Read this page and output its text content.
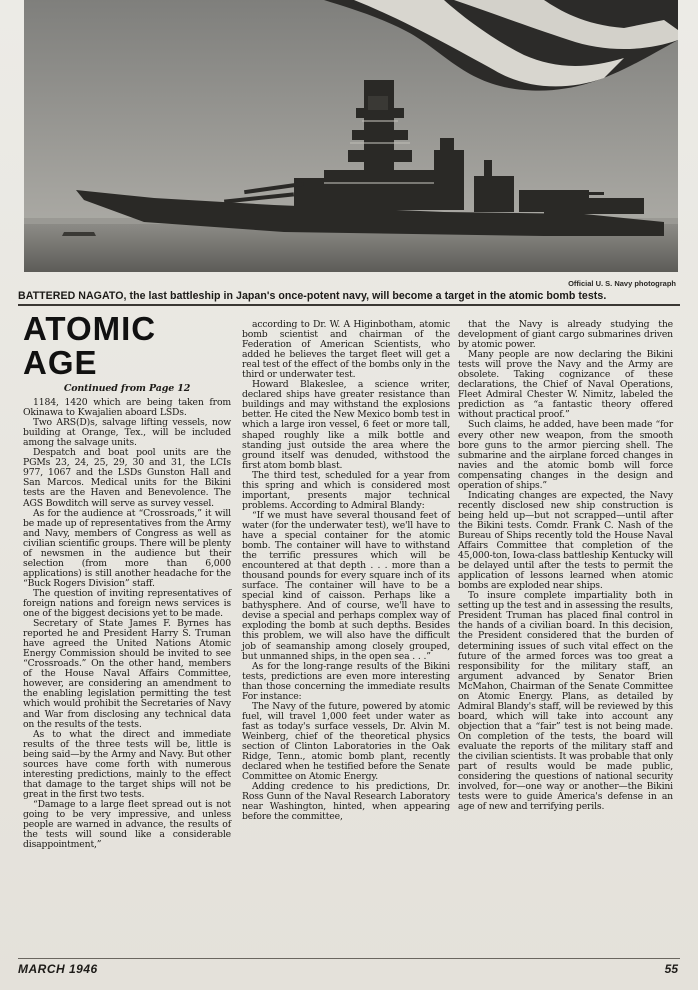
Official U. S. Navy photograph
BATTERED NAGATO, the last battleship in Japan's once-potent navy, will become a target in the atomic bomb tests.
ATOMIC AGE
Continued from Page 12

1184, 1420 which are being taken from Okinawa to Kwajalien aboard LSDs.

Two ARS(D)s, salvage lifting vessels, now building at Orange, Tex., will be included among the salvage units.

Despatch and boat pool units are the PGMs 23, 24, 25, 29, 30 and 31, the LCIs 977, 1067 and the LSDs Gunston Hall and San Marcos. Medical units for the Bikini tests are the Haven and Benevolence. The AGS Bowditch will serve as survey vessel.

As for the audience at “Crossroads,” it will be made up of representatives from the Army and Navy, members of Congress as well as civilian scientific groups. There will be plenty of newsmen in the audience but their selection (from more than 6,000 applications) is still another headache for the “Buck Rogers Division” staff.

The question of inviting representatives of foreign nations and foreign news services is one of the biggest decisions yet to be made.

Secretary of State James F. Byrnes has reported he and President Harry S. Truman have agreed the United Nations Atomic Energy Commission should be invited to see “Crossroads.” On the other hand, members of the House Naval Affairs Committee, however, are considering an amendment to the enabling legislation permitting the test which would prohibit the Secretaries of Navy and War from disclosing any technical data on the results of the tests.

As to what the direct and immediate results of the three tests will be, little is being said—by the Army and Navy. But other sources have come forth with numerous interesting predictions, mainly to the effect that damage to the target ships will not be great in the first two tests.

“Damage to a large fleet spread out is not going to be very impressive, and unless people are warned in advance, the results of the tests will sound like a considerable disappointment,”

according to Dr. W. A Higinbotham, atomic bomb scientist and chairman of the Federation of American Scientists, who added he believes the target fleet will get a real test of the effect of the bombs only in the third or underwater test.

Howard Blakeslee, a science writer, declared ships have greater resistance than buildings and may withstand the explosions better. He cited the New Mexico bomb test in which a large iron vessel, 6 feet or more tall, shaped roughly like a milk bottle and standing just outside the area where the ground itself was denuded, withstood the first atom bomb blast.

The third test, scheduled for a year from this spring and which is considered most important, presents major technical problems. According to Admiral Blandy:

“If we must have several thousand feet of water (for the underwater test), we'll have to have a special container for the atomic bomb. The container will have to withstand the terrific pressures which will be encountered at that depth . . . more than a thousand pounds for every square inch of its surface. The container will have to be a special kind of caisson. Perhaps like a bathysphere. And of course, we'll have to devise a special and perhaps complex way of exploding the bomb at such depths. Besides this problem, we will also have the difficult job of seamanship among closely grouped, but unmanned ships, in the open sea . . .”

As for the long-range results of the Bikini tests, predictions are even more interesting than those concerning the immediate results For instance:

The Navy of the future, powered by atomic fuel, will travel 1,000 feet under water as fast as today's surface vessels, Dr. Alvin M. Weinberg, chief of the theoretical physics section of Clinton Laboratories in the Oak Ridge, Tenn., atomic bomb plant, recently declared when he testified before the Senate Committee on Atomic Energy.

Adding credence to his predictions, Dr. Ross Gunn of the Naval Research Laboratory near Washington, hinted, when appearing before the committee,

that the Navy is already studying the development of giant cargo submarines driven by atomic power.

Many people are now declaring the Bikini tests will prove the Navy and the Army are obsolete. Taking cognizance of these declarations, the Chief of Naval Operations, Fleet Admiral Chester W. Nimitz, labeled the prediction as “a fantastic theory offered without practical proof.”

Such claims, he added, have been made “for every other new weapon, from the smooth bore guns to the armor piercing shell. The submarine and the airplane forced changes in navies and the atomic bomb will force compensating changes in the design and operation of ships.”

Indicating changes are expected, the Navy recently disclosed new ship construction is being held up—but not scrapped—until after the Bikini tests. Comdr. Frank C. Nash of the Bureau of Ships recently told the House Naval Affairs Committee that completion of the 45,000-ton, Iowa-class battleship Kentucky will be delayed until after the tests to permit the application of lessons learned when atomic bombs are exploded near ships.

To insure complete impartiality both in setting up the test and in assessing the results, President Truman has placed final control in the hands of a civilian board. In this decision, the President considered that the burden of determining issues of such vital effect on the future of the armed forces was too great a responsibility for the military staff, an argument advanced by Senator Brien McMahon, Chairman of the Senate Committee on Atomic Energy. Plans, as detailed by Admiral Blandy's staff, will be reviewed by this board, which will take into account any objection that a “fair” test is not being made. On completion of the tests, the board will evaluate the reports of the military staff and the civilian scientists. It was probable that only part of results would be made public, considering the questions of national security involved, for—one way or another—the Bikini tests were to guide America's defense in an age of new and terrifying perils.

MARCH 1946	55
